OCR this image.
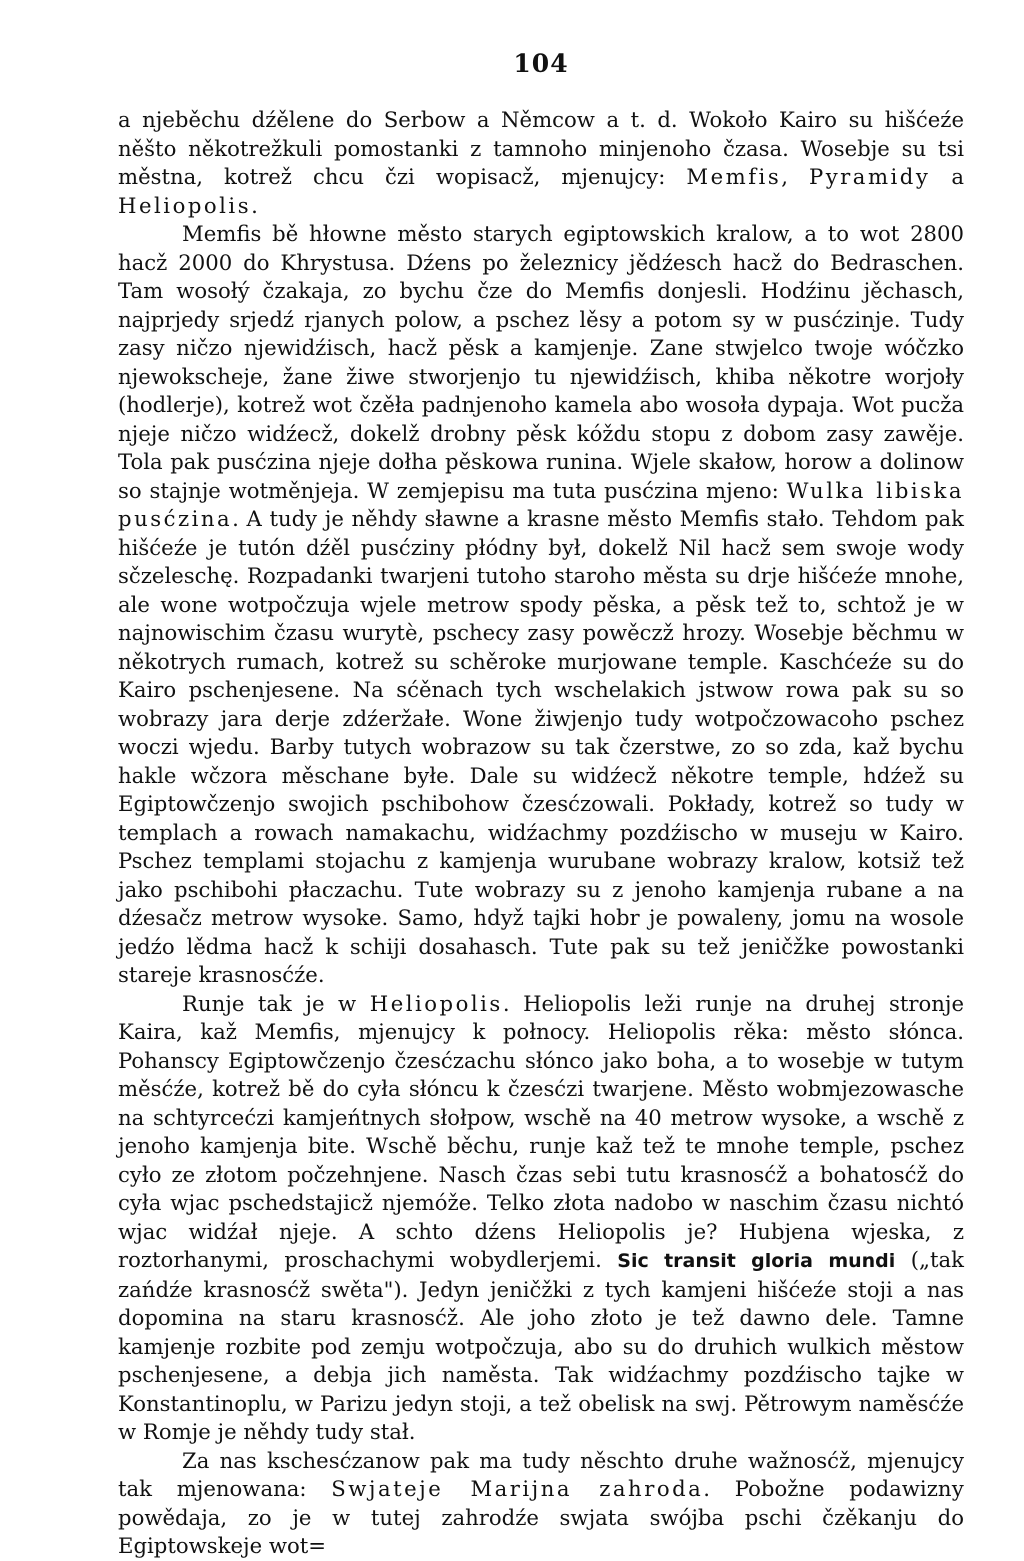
104

a njeběchu dźělene do Serbow a Němcow a t. d. Wokoło Kairo su hišćeźe něšto někotrežkuli pomostanki z tamnoho minjenoho čzasa. Wosebje su tsi městna, kotrež chcu čzi wopisacž, mjenujcy: Memfis, Pyramidy a Heliopolis.

Memfis bě hłowne město starych egiptowskich kralow, a to wot 2800 hacž 2000 do Khrystusa. Dźens po železnicy jědźesch hacž do Bedraschen. Tam wosołý čzakaja, zo bychu čze do Memfis donjesli. Hodźinu jěchasch, najprjedy srjedź rjanych polow, a pschez lěsy a potom sy w pusćzinje. Tudy zasy ničzo njewidźisch, hacž pěsk a kamjenje. Zane stwjelco twoje wóčzko njewokscheje, žane žiwe stworjenjo tu njewidźisch, khiba někotre worjoły (hodlerje), kotrež wot čzěła padnjenoho kamela abo wosoła dypaja. Wot pucža njeje ničzo widźecž, dokelž drobny pěsk kóždu stopu z dobom zasy zawěje. Tola pak pusćzina njeje dołha pěskowa runina. Wjele skałow, horow a dolinow so stajnje wotměnjeja. W zemjepisu ma tuta pusćzina mjeno: Wulka libiska pusćzina. A tudy je něhdy sławne a krasne město Memfis stało. Tehdom pak hišćeźe je tutón dźěl pusćziny płódny był, dokelž Nil hacž sem swoje wody sčzeleschę. Rozpadanki twarjeni tutoho staroho města su drje hišćeźe mnohe, ale wone wotpočzuja wjele metrow spody pěska, a pěsk tež to, schtož je w najnowischim čzasu wurytè, pschecy zasy powěczž hrozy. Wosebje běchmu w někotrych rumach, kotrež su schěroke murjowane temple. Kaschćeźe su do Kairo pschenjesene. Na sćěnach tych wschelakich jstwow rowa pak su so wobrazy jara derje zdźeržałe. Wone žiwjenjo tudy wotpočzowacoho pschez woczi wjedu. Barby tutych wobrazow su tak čzerstwe, zo so zda, kaž bychu hakle wčzora měschane byłe. Dale su widźecž někotre temple, hdźež su Egiptowčzenjo swojich pschibohow čzesćzowali. Pokłady, kotrež so tudy w templach a rowach namakachu, widźachmy pozdźischo w museju w Kairo. Pschez templami stojachu z kamjenja wurubane wobrazy kralow, kotsiž tež jako pschibohi płaczachu. Tute wobrazy su z jenoho kamjenja rubane a na dźesačz metrow wysoke. Samo, hdyž tajki hobr je powaleny, jomu na wosole jedźo lědma hacž k schiji dosahasch. Tute pak su tež jeničžke powostanki stareje krasnosćźe.

Runje tak je w Heliopolis. Heliopolis leži runje na druhej stronje Kaira, kaž Memfis, mjenujcy k połnocy. Heliopolis rěka: město słónca. Pohanscy Egiptowčzenjo čzesćzachu słónco jako boha, a to wosebje w tutym měsćźe, kotrež bě do cyła słóncu k čzesćzi twarjene. Město wobmjezowasche na schtyrcećzi kamjeńtnych słołpow, wschě na 40 metrow wysoke, a wschě z jenoho kamjenja bite. Wschě běchu, runje kaž tež te mnohe temple, pschez cyło ze złotom počzehnjene. Nasch čzas sebi tutu krasnosćž a bohatosćž do cyła wjac pschedstajicž njemóže. Telko złota nadobo w naschim čzasu nichtó wjac widźał njeje. A schto dźens Heliopolis je? Hubjena wjeska, z roztorhanymi, proschachymi wobydlerjemi. Sic transit gloria mundi („tak zańdźe krasnosćž swěta"). Jedyn jeničžki z tych kamjeni hišćeźe stoji a nas dopomina na staru krasnosćž. Ale joho złoto je tež dawno dele. Tamne kamjenje rozbite pod zemju wotpočzuja, abo su do druhich wulkich městow pschenjesene, a debja jich naměsta. Tak widźachmy pozdźischo tajke w Konstantinoplu, w Parizu jedyn stoji, a tež obelisk na swj. Pětrowym naměsćźe w Romje je něhdy tudy stał.

Za nas kschesćzanow pak ma tudy něschto druhe wažnosćž, mjenujcy tak mjenowana: Swjateje Marijna zahroda. Pobožne podawiznу powědaja, zo je w tutej zahrodźe swjata swójba pschi čzěkanju do Egiptowskeje wot=
